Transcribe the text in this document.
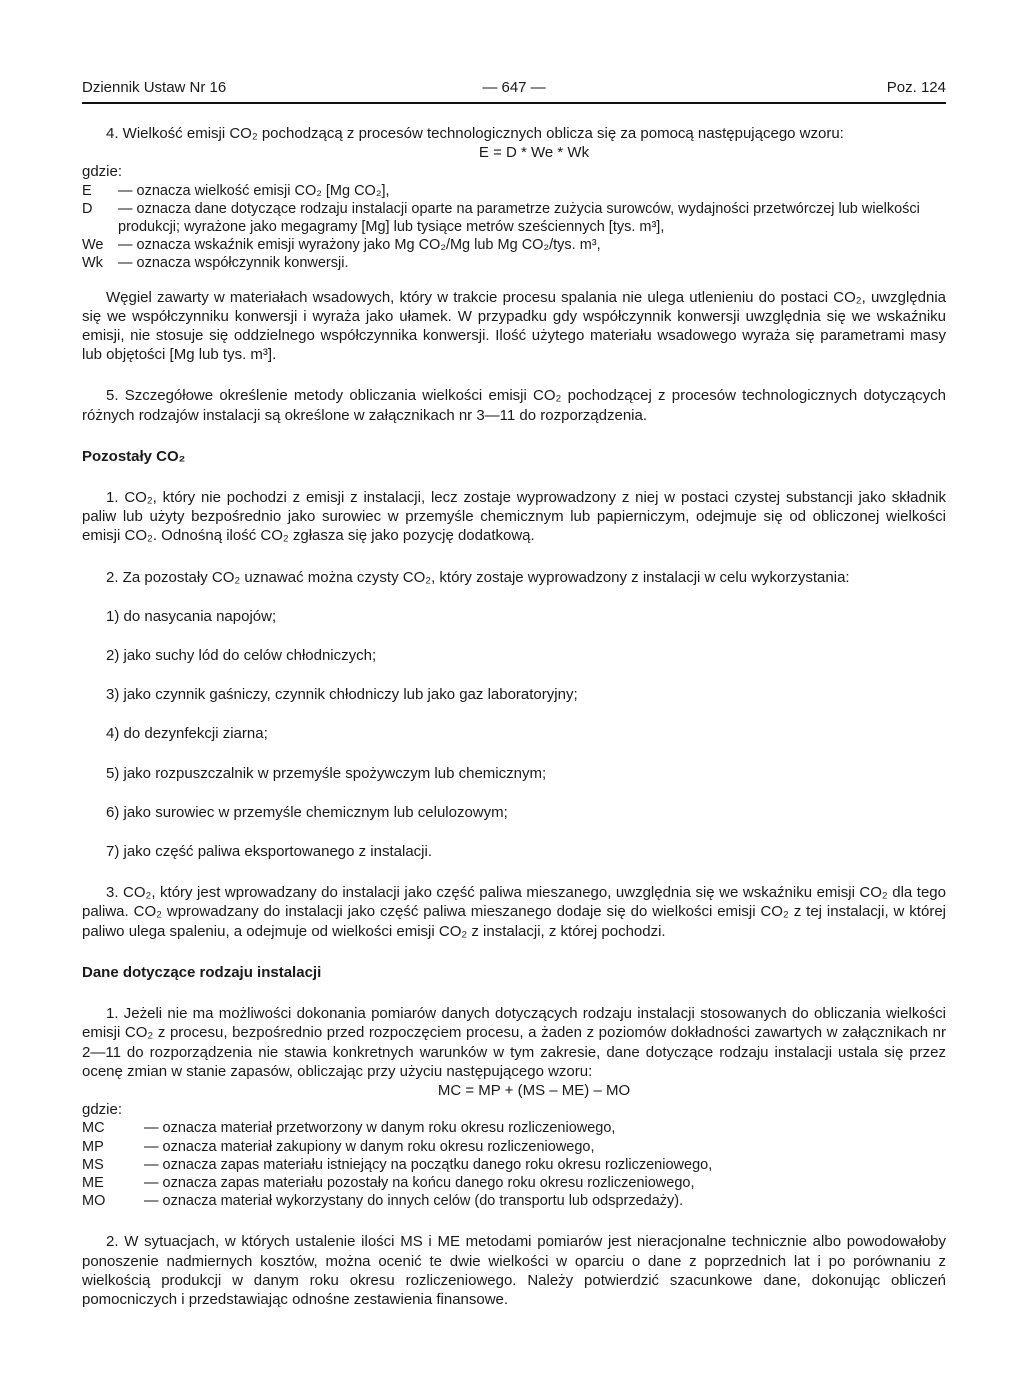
Dziennik Ustaw Nr 16	— 647 —	Poz. 124

4. Wielkość emisji CO₂ pochodzącą z procesów technologicznych oblicza się za pomocą następującego wzoru:

E = D * We * Wk

gdzie:

E	— oznacza wielkość emisji CO₂ [Mg CO₂],
D	— oznacza dane dotyczące rodzaju instalacji oparte na parametrze zużycia surowców, wydajności przetwórczej lub wielkości produkcji; wyrażone jako megagramy [Mg] lub tysiące metrów sześciennych [tys. m³],
We	— oznacza wskaźnik emisji wyrażony jako Mg CO₂/Mg lub Mg CO₂/tys. m³,
Wk	— oznacza współczynnik konwersji.

Węgiel zawarty w materiałach wsadowych, który w trakcie procesu spalania nie ulega utlenieniu do postaci CO₂, uwzględnia się we współczynniku konwersji i wyraża jako ułamek. W przypadku gdy współczynnik konwersji uwzględnia się we wskaźniku emisji, nie stosuje się oddzielnego współczynnika konwersji. Ilość użytego materiału wsadowego wyraża się parametrami masy lub objętości [Mg lub tys. m³].

5. Szczegółowe określenie metody obliczania wielkości emisji CO₂ pochodzącej z procesów technologicznych dotyczących różnych rodzajów instalacji są określone w załącznikach nr 3—11 do rozporządzenia.

Pozostały CO₂

1. CO₂, który nie pochodzi z emisji z instalacji, lecz zostaje wyprowadzony z niej w postaci czystej substancji jako składnik paliw lub użyty bezpośrednio jako surowiec w przemyśle chemicznym lub papierniczym, odejmuje się od obliczonej wielkości emisji CO₂. Odnośną ilość CO₂ zgłasza się jako pozycję dodatkową.

2. Za pozostały CO₂ uznawać można czysty CO₂, który zostaje wyprowadzony z instalacji w celu wykorzystania:

1) do nasycania napojów;

2) jako suchy lód do celów chłodniczych;

3) jako czynnik gaśniczy, czynnik chłodniczy lub jako gaz laboratoryjny;

4) do dezynfekcji ziarna;

5) jako rozpuszczalnik w przemyśle spożywczym lub chemicznym;

6) jako surowiec w przemyśle chemicznym lub celulozowym;

7) jako część paliwa eksportowanego z instalacji.

3. CO₂, który jest wprowadzany do instalacji jako część paliwa mieszanego, uwzględnia się we wskaźniku emisji CO₂ dla tego paliwa. CO₂ wprowadzany do instalacji jako część paliwa mieszanego dodaje się do wielkości emisji CO₂ z tej instalacji, w której paliwo ulega spaleniu, a odejmuje od wielkości emisji CO₂ z instalacji, z której pochodzi.

Dane dotyczące rodzaju instalacji

1. Jeżeli nie ma możliwości dokonania pomiarów danych dotyczących rodzaju instalacji stosowanych do obliczania wielkości emisji CO₂ z procesu, bezpośrednio przed rozpoczęciem procesu, a żaden z poziomów dokładności zawartych w załącznikach nr 2—11 do rozporządzenia nie stawia konkretnych warunków w tym zakresie, dane dotyczące rodzaju instalacji ustala się przez ocenę zmian w stanie zapasów, obliczając przy użyciu następującego wzoru:

MC = MP + (MS – ME) – MO

gdzie:

MC	— oznacza materiał przetworzony w danym roku okresu rozliczeniowego,
MP	— oznacza materiał zakupiony w danym roku okresu rozliczeniowego,
MS	— oznacza zapas materiału istniejący na początku danego roku okresu rozliczeniowego,
ME	— oznacza zapas materiału pozostały na końcu danego roku okresu rozliczeniowego,
MO	— oznacza materiał wykorzystany do innych celów (do transportu lub odsprzedaży).

2. W sytuacjach, w których ustalenie ilości MS i ME metodami pomiarów jest nieracjonalne technicznie albo powodowałoby ponoszenie nadmiernych kosztów, można ocenić te dwie wielkości w oparciu o dane z poprzednich lat i po porównaniu z wielkością produkcji w danym roku okresu rozliczeniowego. Należy potwierdzić szacunkowe dane, dokonując obliczeń pomocniczych i przedstawiając odnośne zestawienia finansowe.
